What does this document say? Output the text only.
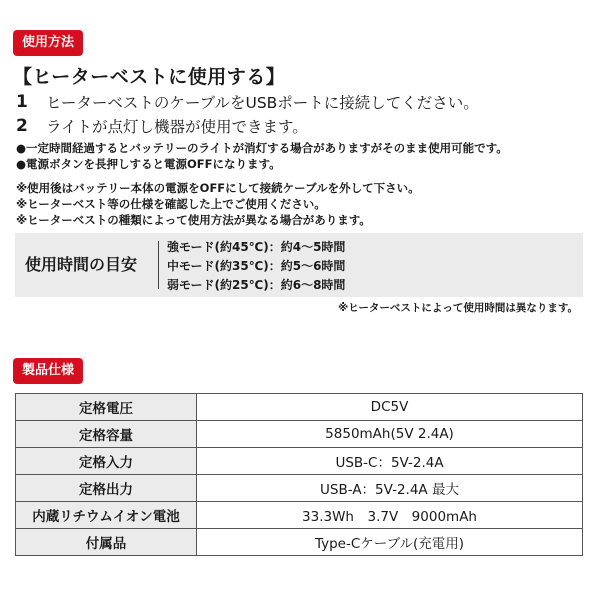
使用方法
【ヒーターベストに使用する】
1	ヒーターベストのケーブルをUSBポートに接続してください。
2	ライトが点灯し機器が使用できます。
●一定時間経過するとバッテリーのライトが消灯する場合がありますがそのまま使用可能です。
●電源ボタンを長押しすると電源OFFになります。
※使用後はバッテリー本体の電源をOFFにして接続ケーブルを外して下さい。
※ヒーターベスト等の仕様を確認した上でご使用ください。
※ヒーターベストの種類によって使用方法が異なる場合があります。
使用時間の目安
強モード(約45℃)：約4～5時間
中モード(約35℃)：約5～6時間
弱モード(約25℃)：約6～8時間
※ヒーターベストによって使用時間は異なります。
製品仕様
定格電圧	DC5V
定格容量	5850mAh(5V 2.4A)
定格入力	USB-C：5V-2.4A
定格出力	USB-A：5V-2.4A 最大
内蔵リチウムイオン電池	33.3Wh　3.7V　9000mAh
付属品	Type-Cケーブル(充電用)
